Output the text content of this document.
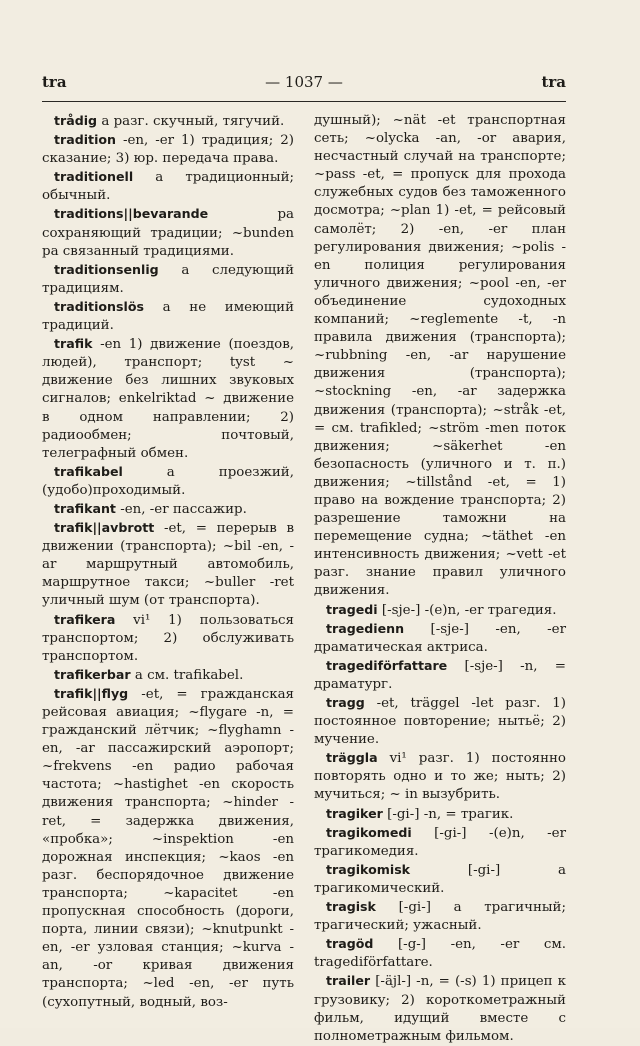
— 1037 —
tra	tra

trådig a разг. скучный, тягучий.

tradition -en, -er 1) традиция; 2) сказание; 3) юр. передача права.

traditionell a традиционный; обычный.

traditions||bevarande pa сохраняющий традиции; ~bunden pa связанный традициями.

traditionsenlig a следующий традициям.

traditionslös a не имеющий традиций.

trafik -en 1) движение (поездов, людей), транспорт; tyst ~ движение без лишних звуковых сигналов; enkelriktad ~ движение в одном направлении; 2) радиообмен; почтовый, телеграфный обмен.

trafikabel a проезжий, (удобо)проходимый.

trafikant -en, -er пассажир.

trafik||avbrott -et, = перерыв в движении (транспорта); ~bil -en, -ar маршрутный автомобиль, маршрутное такси; ~buller -ret уличный шум (от транспорта).

trafikera vi¹ 1) пользоваться транспортом; 2) обслуживать транспортом.

trafikerbar a см. trafikabel.

trafik||flyg -et, = гражданская рейсовая авиация; ~flygare -n, = гражданский лётчик; ~flyghamn -en, -ar пассажирский аэропорт; ~frekvens -en радио рабочая частота; ~hastighet -en скорость движения транспорта; ~hinder -ret, = задержка движения, «пробка»; ~inspektion -en дорожная инспекция; ~kaos -en разг. беспорядочное движение транспорта; ~kapacitet -en пропускная способность (дороги, порта, линии связи); ~knutpunkt -en, -er узловая станция; ~kurva -an, -or кривая движения транспорта; ~led -en, -er путь (сухопутный, водный, воз-

душный); ~nät -et транспортная сеть; ~olycka -an, -or авария, несчастный случай на транспорте; ~pass -et, = пропуск для прохода служебных судов без таможенного досмотра; ~plan 1) -et, = рейсовый самолёт; 2) -en, -er план регулирования движения; ~polis -en полиция регулирования уличного движения; ~pool -en, -er объединение судоходных компаний; ~reglemente -t, -n правила движения (транспорта); ~rubbning -en, -ar нарушение движения (транспорта); ~stockning -en, -ar задержка движения (транспорта); ~stråk -et, = см. trafikled; ~ström -men поток движения; ~säkerhet -en безопасность (уличного и т. п.) движения; ~tillstånd -et, = 1) право на вождение транспорта; 2) разрешение таможни на перемещение судна; ~täthet -en интенсивность движения; ~vett -et разг. знание правил уличного движения.

tragedi [-sje-] -(e)n, -er трагедия.

tragedienn [-sje-] -en, -er драматическая актриса.

tragediförfattare [-sje-] -n, = драматург.

tragg -et, träggel -let разг. 1) постоянное повторение; нытьё; 2) мучение.

träggla vi¹ разг. 1) постоянно повторять одно и то же; ныть; 2) мучиться; ~ in вызубрить.

tragiker [-gi-] -n, = трагик.

tragikomedi [-gi-] -(e)n, -er трагикомедия.

tragikomisk [-gi-] a трагикомический.

tragisk [-gi-] a трагичный; трагический; ужасный.

tragöd [-g-] -en, -er см. tragediförfattare.

trailer [-äjl-] -n, = (-s) 1) прицеп к грузовику; 2) короткометражный фильм, идущий вместе с полнометражным фильмом.
